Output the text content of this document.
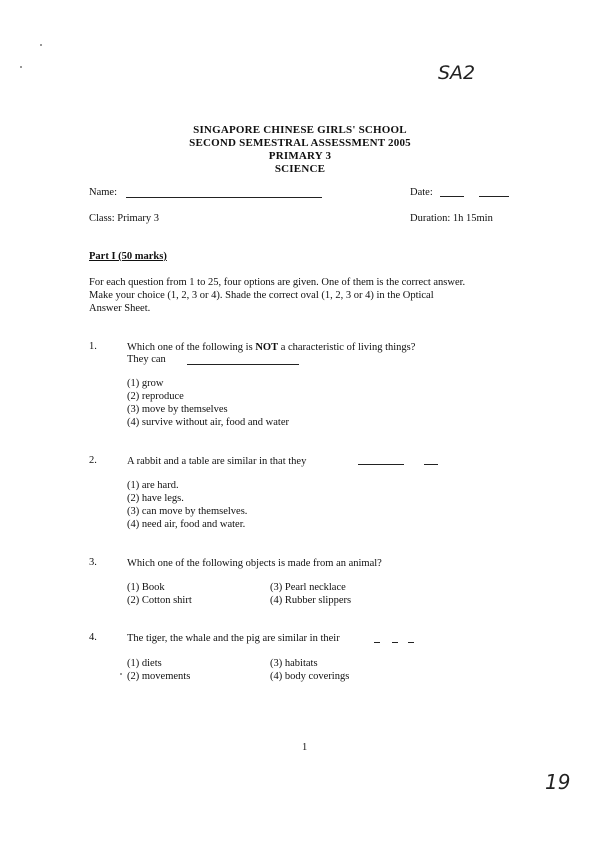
SA2
19
SINGAPORE CHINESE GIRLS' SCHOOL
SECOND SEMESTRAL ASSESSMENT 2005
PRIMARY 3
SCIENCE
Name:	Date:
Class: Primary 3	Duration: 1h 15min
Part I (50 marks)
For each question from 1 to 25, four options are given. One of them is the correct answer.
Make your choice (1, 2, 3 or 4). Shade the correct oval (1, 2, 3 or 4) in the Optical
Answer Sheet.
1.	Which one of the following is NOT a characteristic of living things?
They can
(1) grow
(2) reproduce
(3) move by themselves
(4) survive without air, food and water
2.	A rabbit and a table are similar in that they
(1) are hard.
(2) have legs.
(3) can move by themselves.
(4) need air, food and water.
3.	Which one of the following objects is made from an animal?
(1) Book
(2) Cotton shirt
(3) Pearl necklace
(4) Rubber slippers
4.	The tiger, the whale and the pig are similar in their
(1) diets
(2) movements
(3) habitats
(4) body coverings
1
